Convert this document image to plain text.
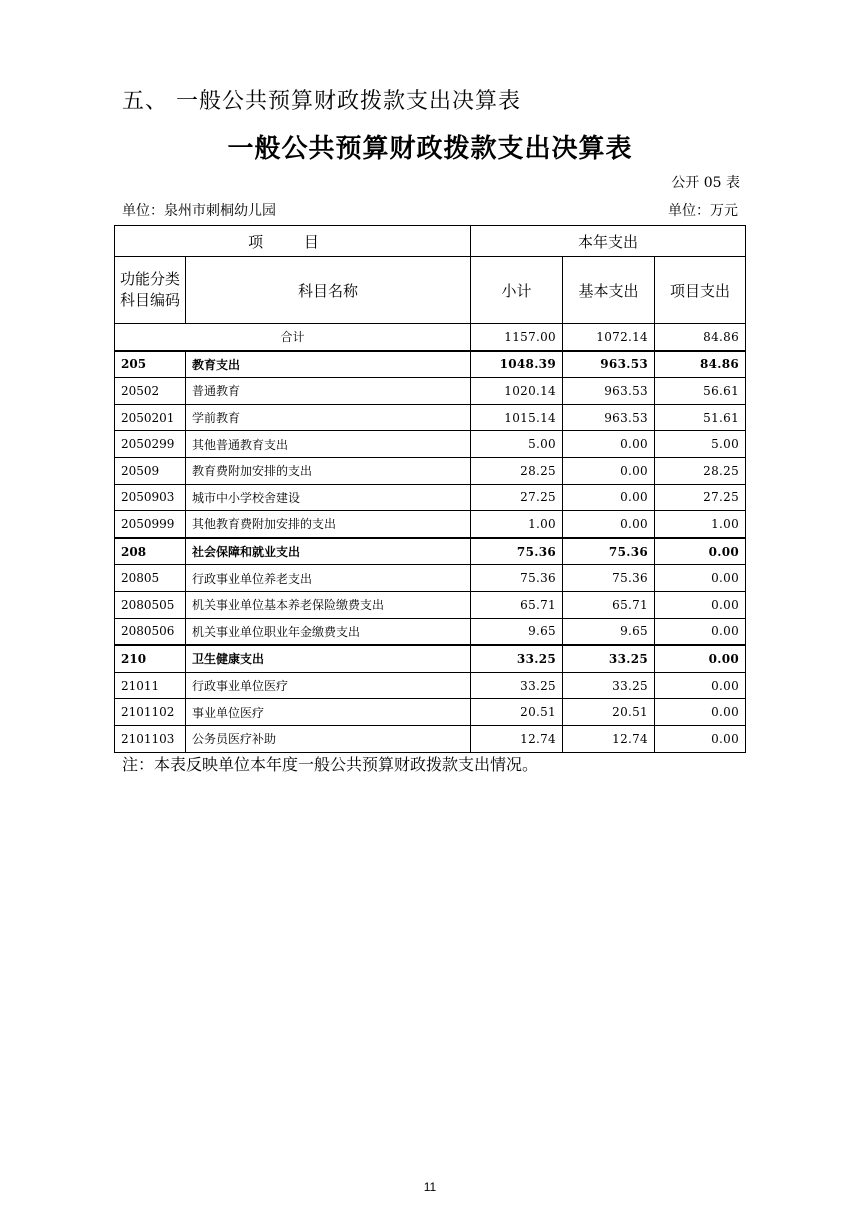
五、 一般公共预算财政拨款支出决算表
一般公共预算财政拨款支出决算表
公开 05 表
单位：泉州市刺桐幼儿园	单位：万元
项 目		本年支出		
功能分类科目编码	科目名称	小计	基本支出	项目支出
合计		1157.00	1072.14	84.86
205	教育支出	1048.39	963.53	84.86
20502	普通教育	1020.14	963.53	56.61
2050201	学前教育	1015.14	963.53	51.61
2050299	其他普通教育支出	5.00	0.00	5.00
20509	教育费附加安排的支出	28.25	0.00	28.25
2050903	城市中小学校舍建设	27.25	0.00	27.25
2050999	其他教育费附加安排的支出	1.00	0.00	1.00
208	社会保障和就业支出	75.36	75.36	0.00
20805	行政事业单位养老支出	75.36	75.36	0.00
2080505	机关事业单位基本养老保险缴费支出	65.71	65.71	0.00
2080506	机关事业单位职业年金缴费支出	9.65	9.65	0.00
210	卫生健康支出	33.25	33.25	0.00
21011	行政事业单位医疗	33.25	33.25	0.00
2101102	事业单位医疗	20.51	20.51	0.00
2101103	公务员医疗补助	12.74	12.74	0.00
注：本表反映单位本年度一般公共预算财政拨款支出情况。
11
